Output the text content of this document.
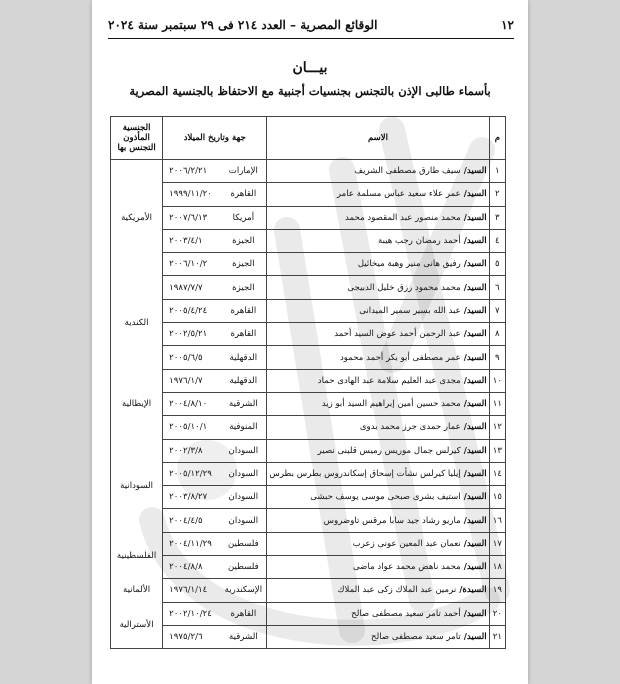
١٢
الوقائع المصرية – العدد ٢١٤ فى ٢٩ سبتمبر سنة ٢٠٢٤
بيـــان
بأسماء طالبى الإذن بالتجنس بجنسيات أجنبية مع الاحتفاظ بالجنسية المصرية
م	الاسم	جهة وتاريخ الميلاد		الجنسية المأذون التجنس بها
١	السيد/سيف طارق مصطفى الشريف	الإمارات	٢٠٠٦/٢/٢١	الأمريكية
٢	السيد/عمر علاء سعيد عباس مسلمة عامر	القاهرة	١٩٩٩/١١/٢٠	
٣	السيد/محمد منصور عبد المقصود محمد	أمريكا	٢٠٠٧/٦/١٣	
٤	السيد/أحمد رمضان رجب هيبة	الجيزة	٢٠٠٣/٤/١	
٥	السيد/رفيق هانى منير وهبة ميخائيل	الجيزة	٢٠٠٦/١٠/٢	
٦	السيد/محمد محمود رزق خليل الدبيجى	الجيزة	١٩٨٧/٧/٧	الكندية
٧	السيد/عبد الله بسير سمير الميدانى	القاهرة	٢٠٠٥/٤/٢٤	
٨	السيد/عبد الرحمن أحمد عوض السيد أحمد	القاهرة	٢٠٠٢/٥/٢١	
٩	السيد/عمر مصطفى أبو بكر أحمد محمود	الدقهلية	٢٠٠٥/٦/٥	
١٠	السيد/مجدى عبد العليم سلامة عبد الهادى حماد	الدقهلية	١٩٧٦/١/٧	الإيطالية
١١	السيد/محمد حسين أمين إبراهيم السيد أبو زيد	الشرقية	٢٠٠٤/٨/١٠	
١٢	السيد/عمار حمدى جرز محمد بدوى	المنوفية	٢٠٠٥/١٠/١	
١٣	السيد/كيرلس جمال موريس رميس قلينى نصير	السودان	٢٠٠٢/٣/٨	السودانية
١٤	السيد/إيليا كيرلس نشأت إسحاق إسكاندروس بطرس بطرس	السودان	٢٠٠٥/١٢/٢٩	
١٥	السيد/استيف بشرى صبحى موسى يوسف حبشى	السودان	٢٠٠٣/٨/٢٧	
١٦	السيد/ماريو رشاد جيد سابا مرقس تاوضروس	السودان	٢٠٠٤/٤/٥	
١٧	السيد/نعمان عبد المعين عونى زعرب	فلسطين	٢٠٠٤/١١/٢٩	الفلسطينية
١٨	السيد/محمد ناهض محمد عواد ماضى	فلسطين	٢٠٠٤/٨/٨	
١٩	السيدة/نرمين عبد الملاك زكى عبد الملاك	الإسكندرية	١٩٧٦/١/١٤	الألمانية
٢٠	السيد/أحمد تامر سعيد مصطفى صالح	القاهرة	٢٠٠٢/١٠/٢٤	الأسترالية
٢١	السيد/تامر سعيد مصطفى صالح	الشرقية	١٩٧٥/٢/٦	
